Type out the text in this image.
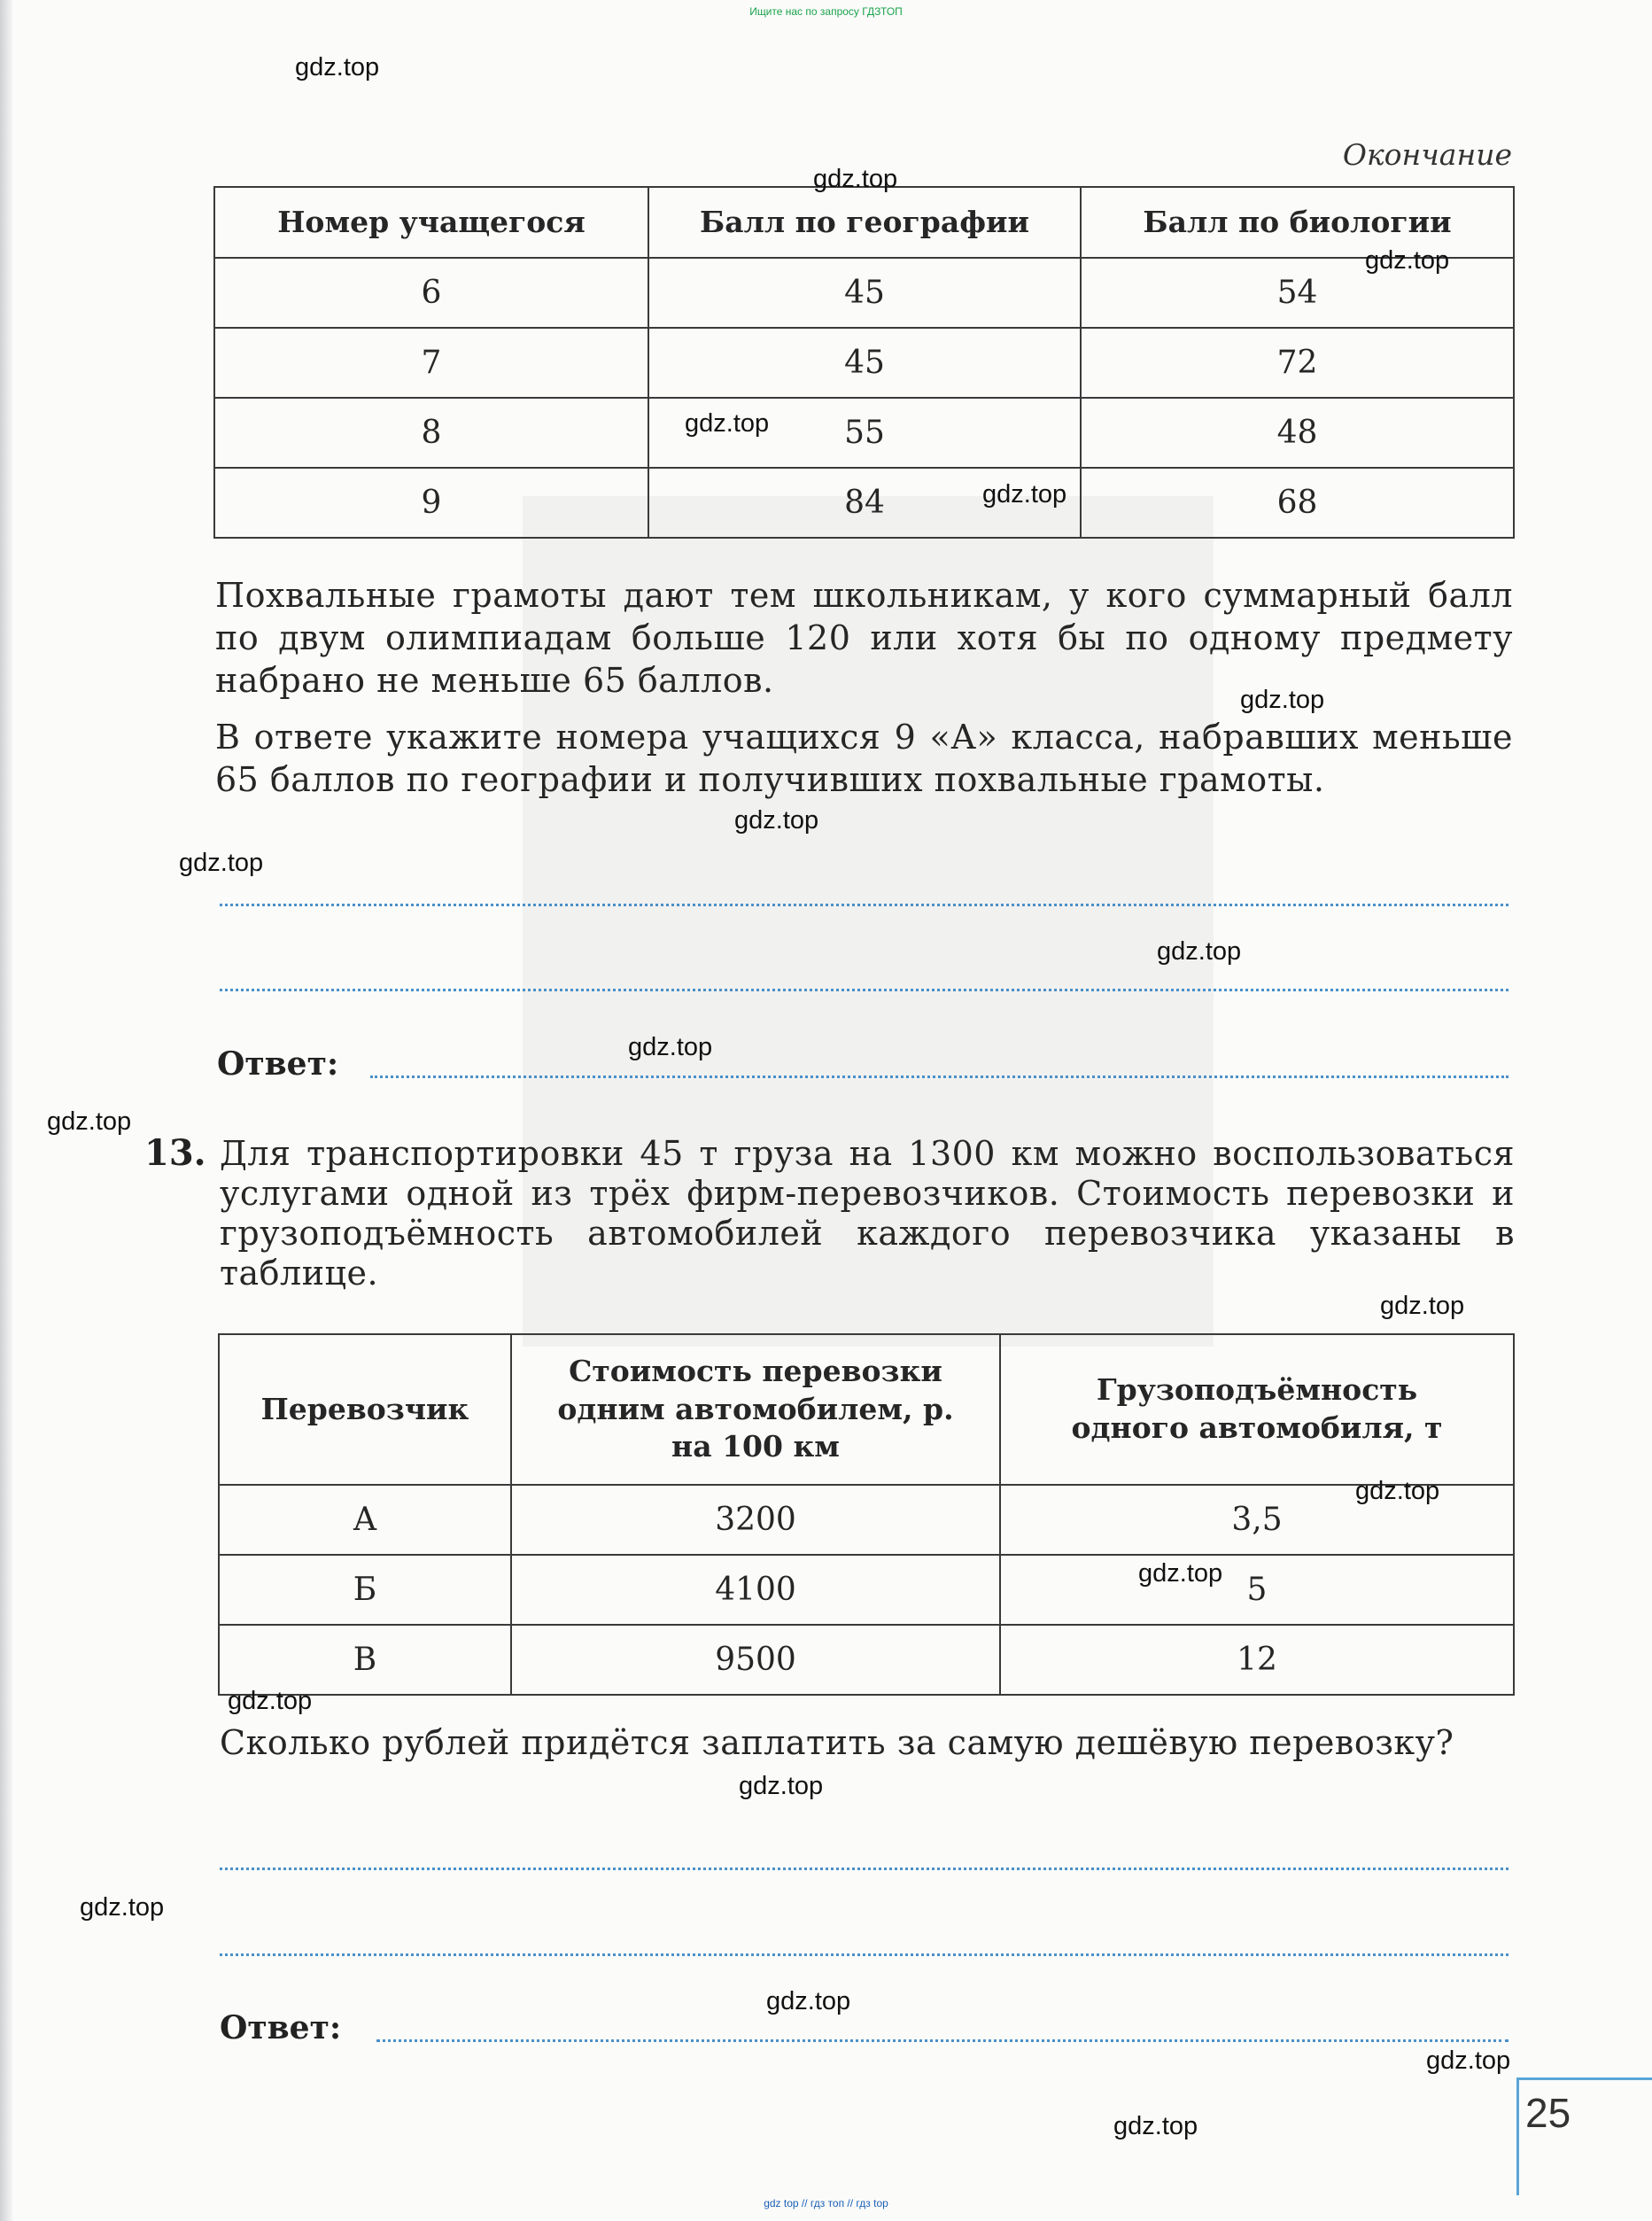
Ищите нас по запросу ГДЗТОП
Окончание
Номер учащегося	Балл по географии	Балл по биологии
6	45	54
7	45	72
8	55	48
9	84	68
Похвальные грамоты дают тем школьникам, у кого суммарный балл по двум олимпиадам больше 120 или хотя бы по одному предмету набрано не меньше 65 баллов.
В ответе укажите номера учащихся 9 «А» класса, набравших меньше 65 баллов по географии и получивших похвальные грамоты.
Ответ:
13. Для транспортировки 45 т груза на 1300 км можно воспользоваться услугами одной из трёх фирм-перевозчиков. Стоимость перевозки и грузоподъёмность автомобилей каждого перевозчика указаны в таблице.
Перевозчик	Стоимость перевозки одним автомобилем, р. на 100 км	Грузоподъёмность одного автомобиля, т
А	3200	3,5
Б	4100	5
В	9500	12
Сколько рублей придётся заплатить за самую дешёвую перевозку?
Ответ:
gdz.top
gdz.top
gdz.top
gdz.top
gdz.top
gdz.top
gdz.top
gdz.top
gdz.top
gdz.top
gdz.top
gdz.top
gdz.top
gdz.top
gdz.top
gdz.top
gdz.top
gdz.top
gdz.top
gdz.top	25
gdz top // гдз топ // гдз top
